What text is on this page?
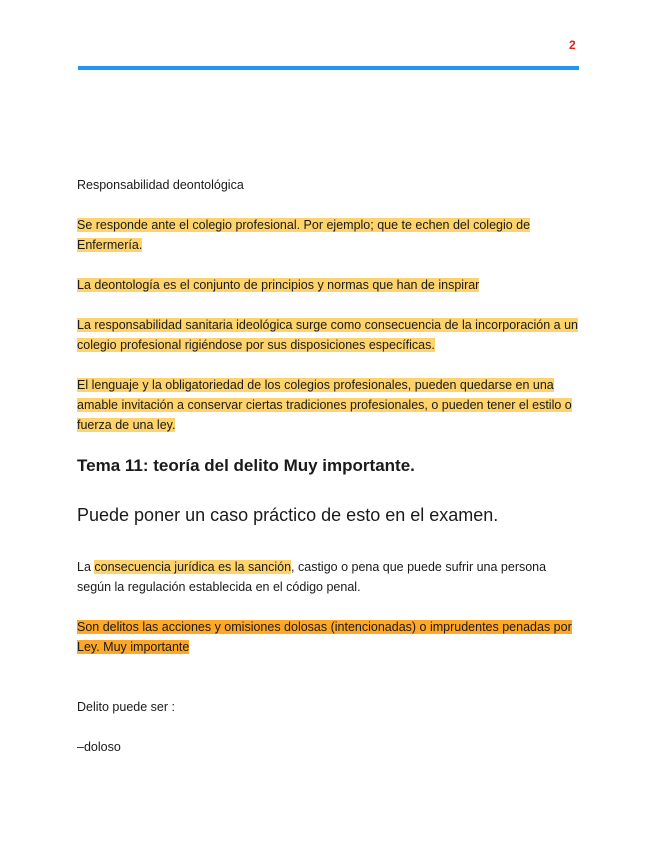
2

Responsabilidad deontológica

Se responde ante el colegio profesional. Por ejemplo; que te echen del colegio de Enfermería.

La deontología es el conjunto de principios y normas que han de inspirar

La responsabilidad sanitaria ideológica surge como consecuencia de la incorporación a un colegio profesional rigiéndose por sus disposiciones específicas.

El lenguaje y la obligatoriedad de los colegios profesionales, pueden quedarse en una amable invitación a conservar ciertas tradiciones profesionales, o pueden tener el estilo o fuerza de una ley.

Tema 11: teoría del delito Muy importante.
Puede poner un caso práctico de esto en el examen.

La consecuencia jurídica es la sanción, castigo o pena que puede sufrir una persona según la regulación establecida en el código penal.

Son delitos las acciones y omisiones dolosas (intencionadas) o imprudentes penadas por Ley. Muy importante

Delito puede ser :

–doloso
